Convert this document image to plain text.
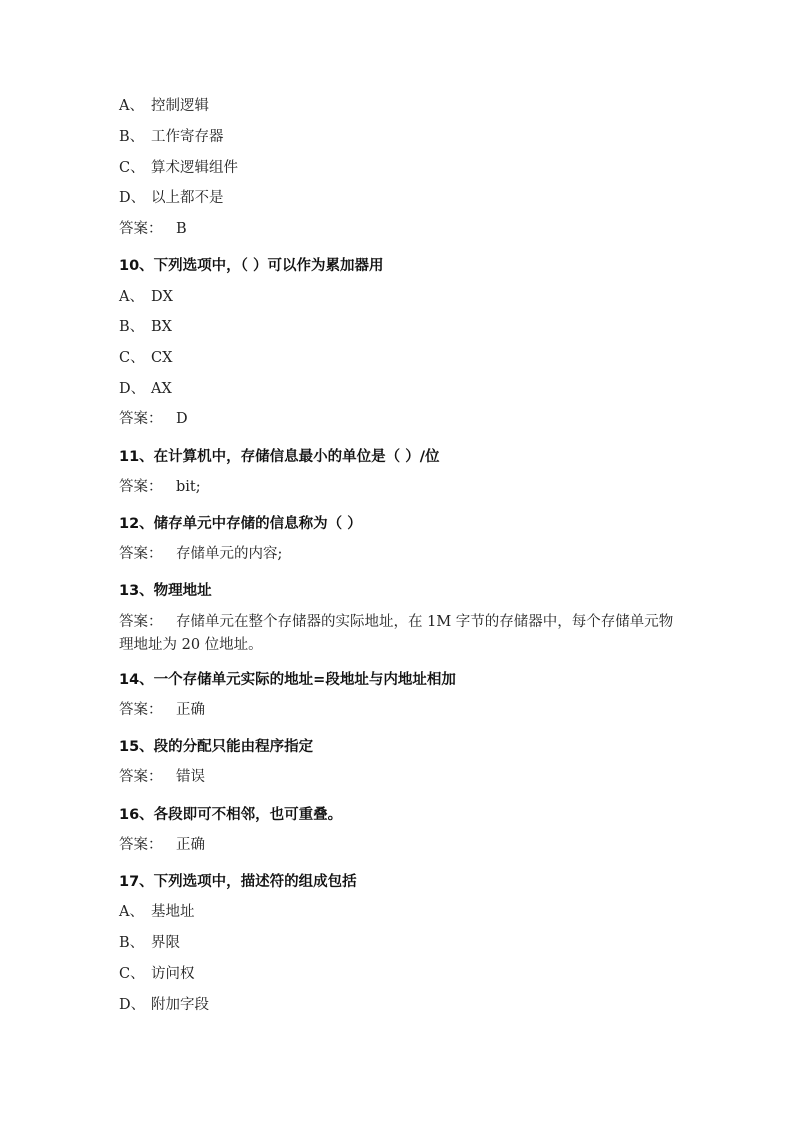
A、 控制逻辑
B、 工作寄存器
C、 算术逻辑组件
D、 以上都不是
答案： B
10、下列选项中，（ ）可以作为累加器用
A、 DX
B、 BX
C、 CX
D、 AX
答案： D
11、在计算机中，存储信息最小的单位是（ ）/位
答案： bit;
12、储存单元中存储的信息称为（ ）
答案： 存储单元的内容;
13、物理地址
答案： 存储单元在整个存储器的实际地址，在 1M 字节的存储器中，每个存储单元物理地址为 20 位地址。
14、一个存储单元实际的地址=段地址与内地址相加
答案： 正确
15、段的分配只能由程序指定
答案： 错误
16、各段即可不相邻，也可重叠。
答案： 正确
17、下列选项中，描述符的组成包括
A、 基地址
B、 界限
C、 访问权
D、 附加字段
